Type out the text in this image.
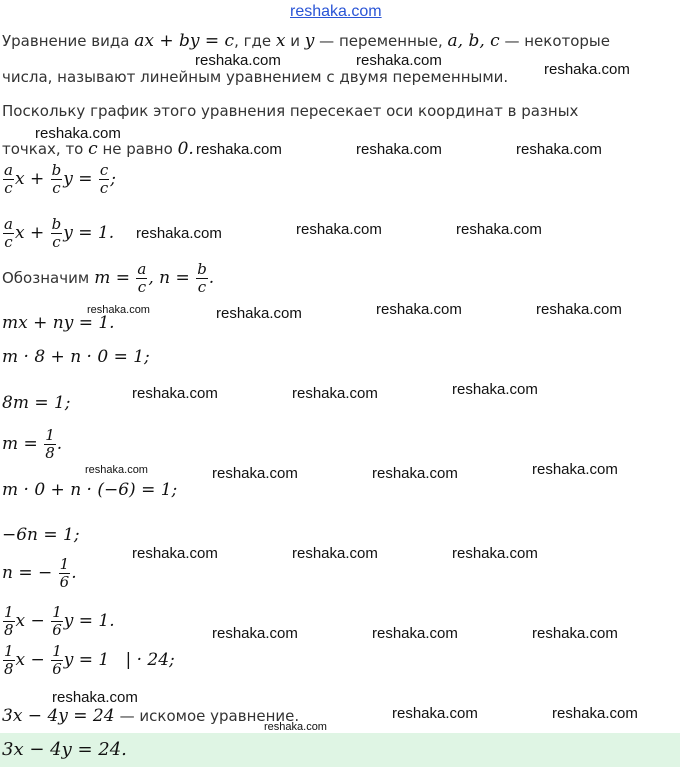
reshaka.com
Уравнение вида ax + by = c, где x и y — переменные, a, b, c — некоторые
числа, называют линейным уравнением с двумя переменными.
Поскольку график этого уравнения пересекает оси координат в разных
точках, то c не равно 0.
$\frac{a}{c}$ $x + \frac{b}{c}$ $y = \frac{c}{c}$ ;
$\frac{a}{c}$ $x + \frac{b}{c}$ y = 1.
Обозначим $m = \frac{a}{c}$ , $n = \frac{b}{c}$ .
mx + ny = 1.
m · 8 + n · 0 = 1;
8m = 1;
$m = \frac{1}{8}$ .
m · 0 + n · (−6) = 1;
−6n = 1;
n = − $\frac{1}{6}$ .
$\frac{1}{8}$ $x - \frac{1}{6}$ y = 1.
$\frac{1}{8}$ $x - \frac{1}{6}$ y = 1 | · 24;
3x − 4y = 24 — искомое уравнение.
3x − 4y = 24.
reshaka.com	reshaka.com
reshaka.com
reshaka.com
reshaka.com	reshaka.com	reshaka.com
reshaka.com	reshaka.com	reshaka.com
reshaka.com	reshaka.com	reshaka.com	reshaka.com
reshaka.com	reshaka.com	reshaka.com
reshaka.com	reshaka.com	reshaka.com	reshaka.com
reshaka.com	reshaka.com	reshaka.com
reshaka.com	reshaka.com	reshaka.com
reshaka.com
reshaka.com	reshaka.com
reshaka.com
